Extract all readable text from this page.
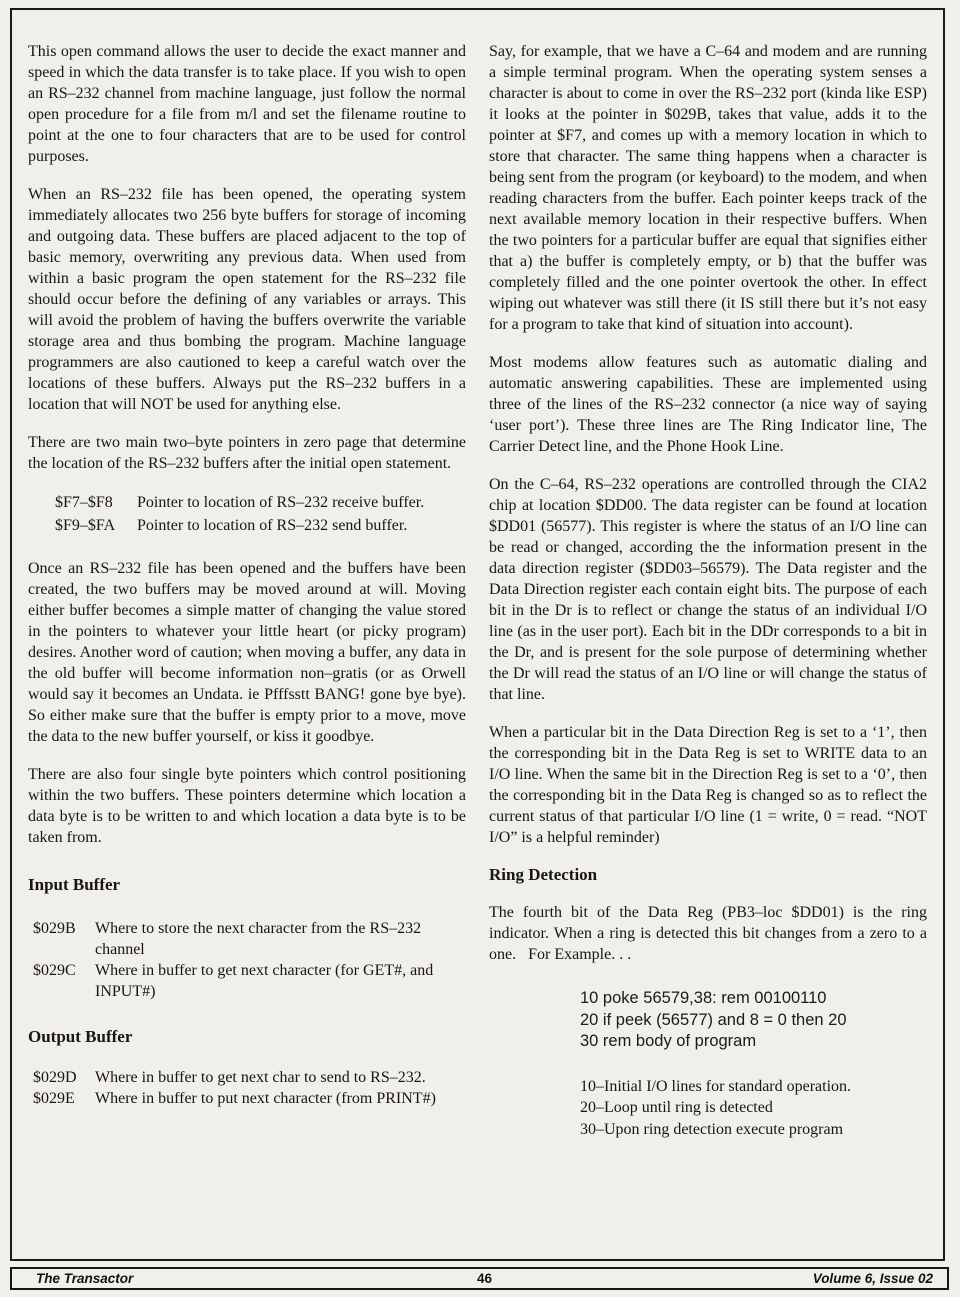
This open command allows the user to decide the exact manner and speed in which the data transfer is to take place. If you wish to open an RS–232 channel from machine language, just follow the normal open procedure for a file from m/l and set the filename routine to point at the one to four characters that are to be used for control purposes.

When an RS–232 file has been opened, the operating system immediately allocates two 256 byte buffers for storage of incoming and outgoing data. These buffers are placed adjacent to the top of basic memory, overwriting any previous data. When used from within a basic program the open statement for the RS–232 file should occur before the defining of any variables or arrays. This will avoid the problem of having the buffers overwrite the variable storage area and thus bombing the program. Machine language programmers are also cautioned to keep a careful watch over the locations of these buffers. Always put the RS–232 buffers in a location that will NOT be used for anything else.

There are two main two–byte pointers in zero page that determine the location of the RS–232 buffers after the initial open statement.

$F7–$F8	Pointer to location of RS–232 receive buffer.
$F9–$FA	Pointer to location of RS–232 send buffer.

Once an RS–232 file has been opened and the buffers have been created, the two buffers may be moved around at will. Moving either buffer becomes a simple matter of changing the value stored in the pointers to whatever your little heart (or picky program) desires. Another word of caution; when moving a buffer, any data in the old buffer will become information non–gratis (or as Orwell would say it becomes an Undata. ie Pfffsstt BANG! gone bye bye). So either make sure that the buffer is empty prior to a move, move the data to the new buffer yourself, or kiss it goodbye.

There are also four single byte pointers which control positioning within the two buffers. These pointers determine which location a data byte is to be written to and which location a data byte is to be taken from.

Input Buffer
$029B	Where to store the next character from the RS–232 channel
$029C	Where in buffer to get next character (for GET#, and INPUT#)
Output Buffer
$029D	Where in buffer to get next char to send to RS–232.
$029E	Where in buffer to put next character (from PRINT#)

Say, for example, that we have a C–64 and modem and are running a simple terminal program. When the operating system senses a character is about to come in over the RS–232 port (kinda like ESP) it looks at the pointer in $029B, takes that value, adds it to the pointer at $F7, and comes up with a memory location in which to store that character. The same thing happens when a character is being sent from the program (or keyboard) to the modem, and when reading characters from the buffer. Each pointer keeps track of the next available memory location in their respective buffers. When the two pointers for a particular buffer are equal that signifies either that a) the buffer is completely empty, or b) that the buffer was completely filled and the one pointer overtook the other. In effect wiping out whatever was still there (it IS still there but it’s not easy for a program to take that kind of situation into account).

Most modems allow features such as automatic dialing and automatic answering capabilities. These are implemented using three of the lines of the RS–232 connector (a nice way of saying ‘user port’). These three lines are The Ring Indicator line, The Carrier Detect line, and the Phone Hook Line.

On the C–64, RS–232 operations are controlled through the CIA2 chip at location $DD00. The data register can be found at location $DD01 (56577). This register is where the status of an I/O line can be read or changed, according the the information present in the data direction register ($DD03–56579). The Data register and the Data Direction register each contain eight bits. The purpose of each bit in the Dr is to reflect or change the status of an individual I/O line (as in the user port). Each bit in the DDr corresponds to a bit in the Dr, and is present for the sole purpose of determining whether the Dr will read the status of an I/O line or will change the status of that line.

When a particular bit in the Data Direction Reg is set to a ‘1’, then the corresponding bit in the Data Reg is set to WRITE data to an I/O line. When the same bit in the Direction Reg is set to a ‘0’, then the corresponding bit in the Data Reg is changed so as to reflect the current status of that particular I/O line (1 = write, 0 = read. “NOT I/O” is a helpful reminder)

Ring Detection

The fourth bit of the Data Reg (PB3–loc $DD01) is the ring indicator. When a ring is detected this bit changes from a zero to a one.   For Example. . .

10 poke 56579,38: rem 00100110
20 if peek (56577) and 8 = 0 then 20
30 rem body of program
10–Initial I/O lines for standard operation.
20–Loop until ring is detected
30–Upon ring detection execute program
The Transactor	46	Volume 6, Issue 02
